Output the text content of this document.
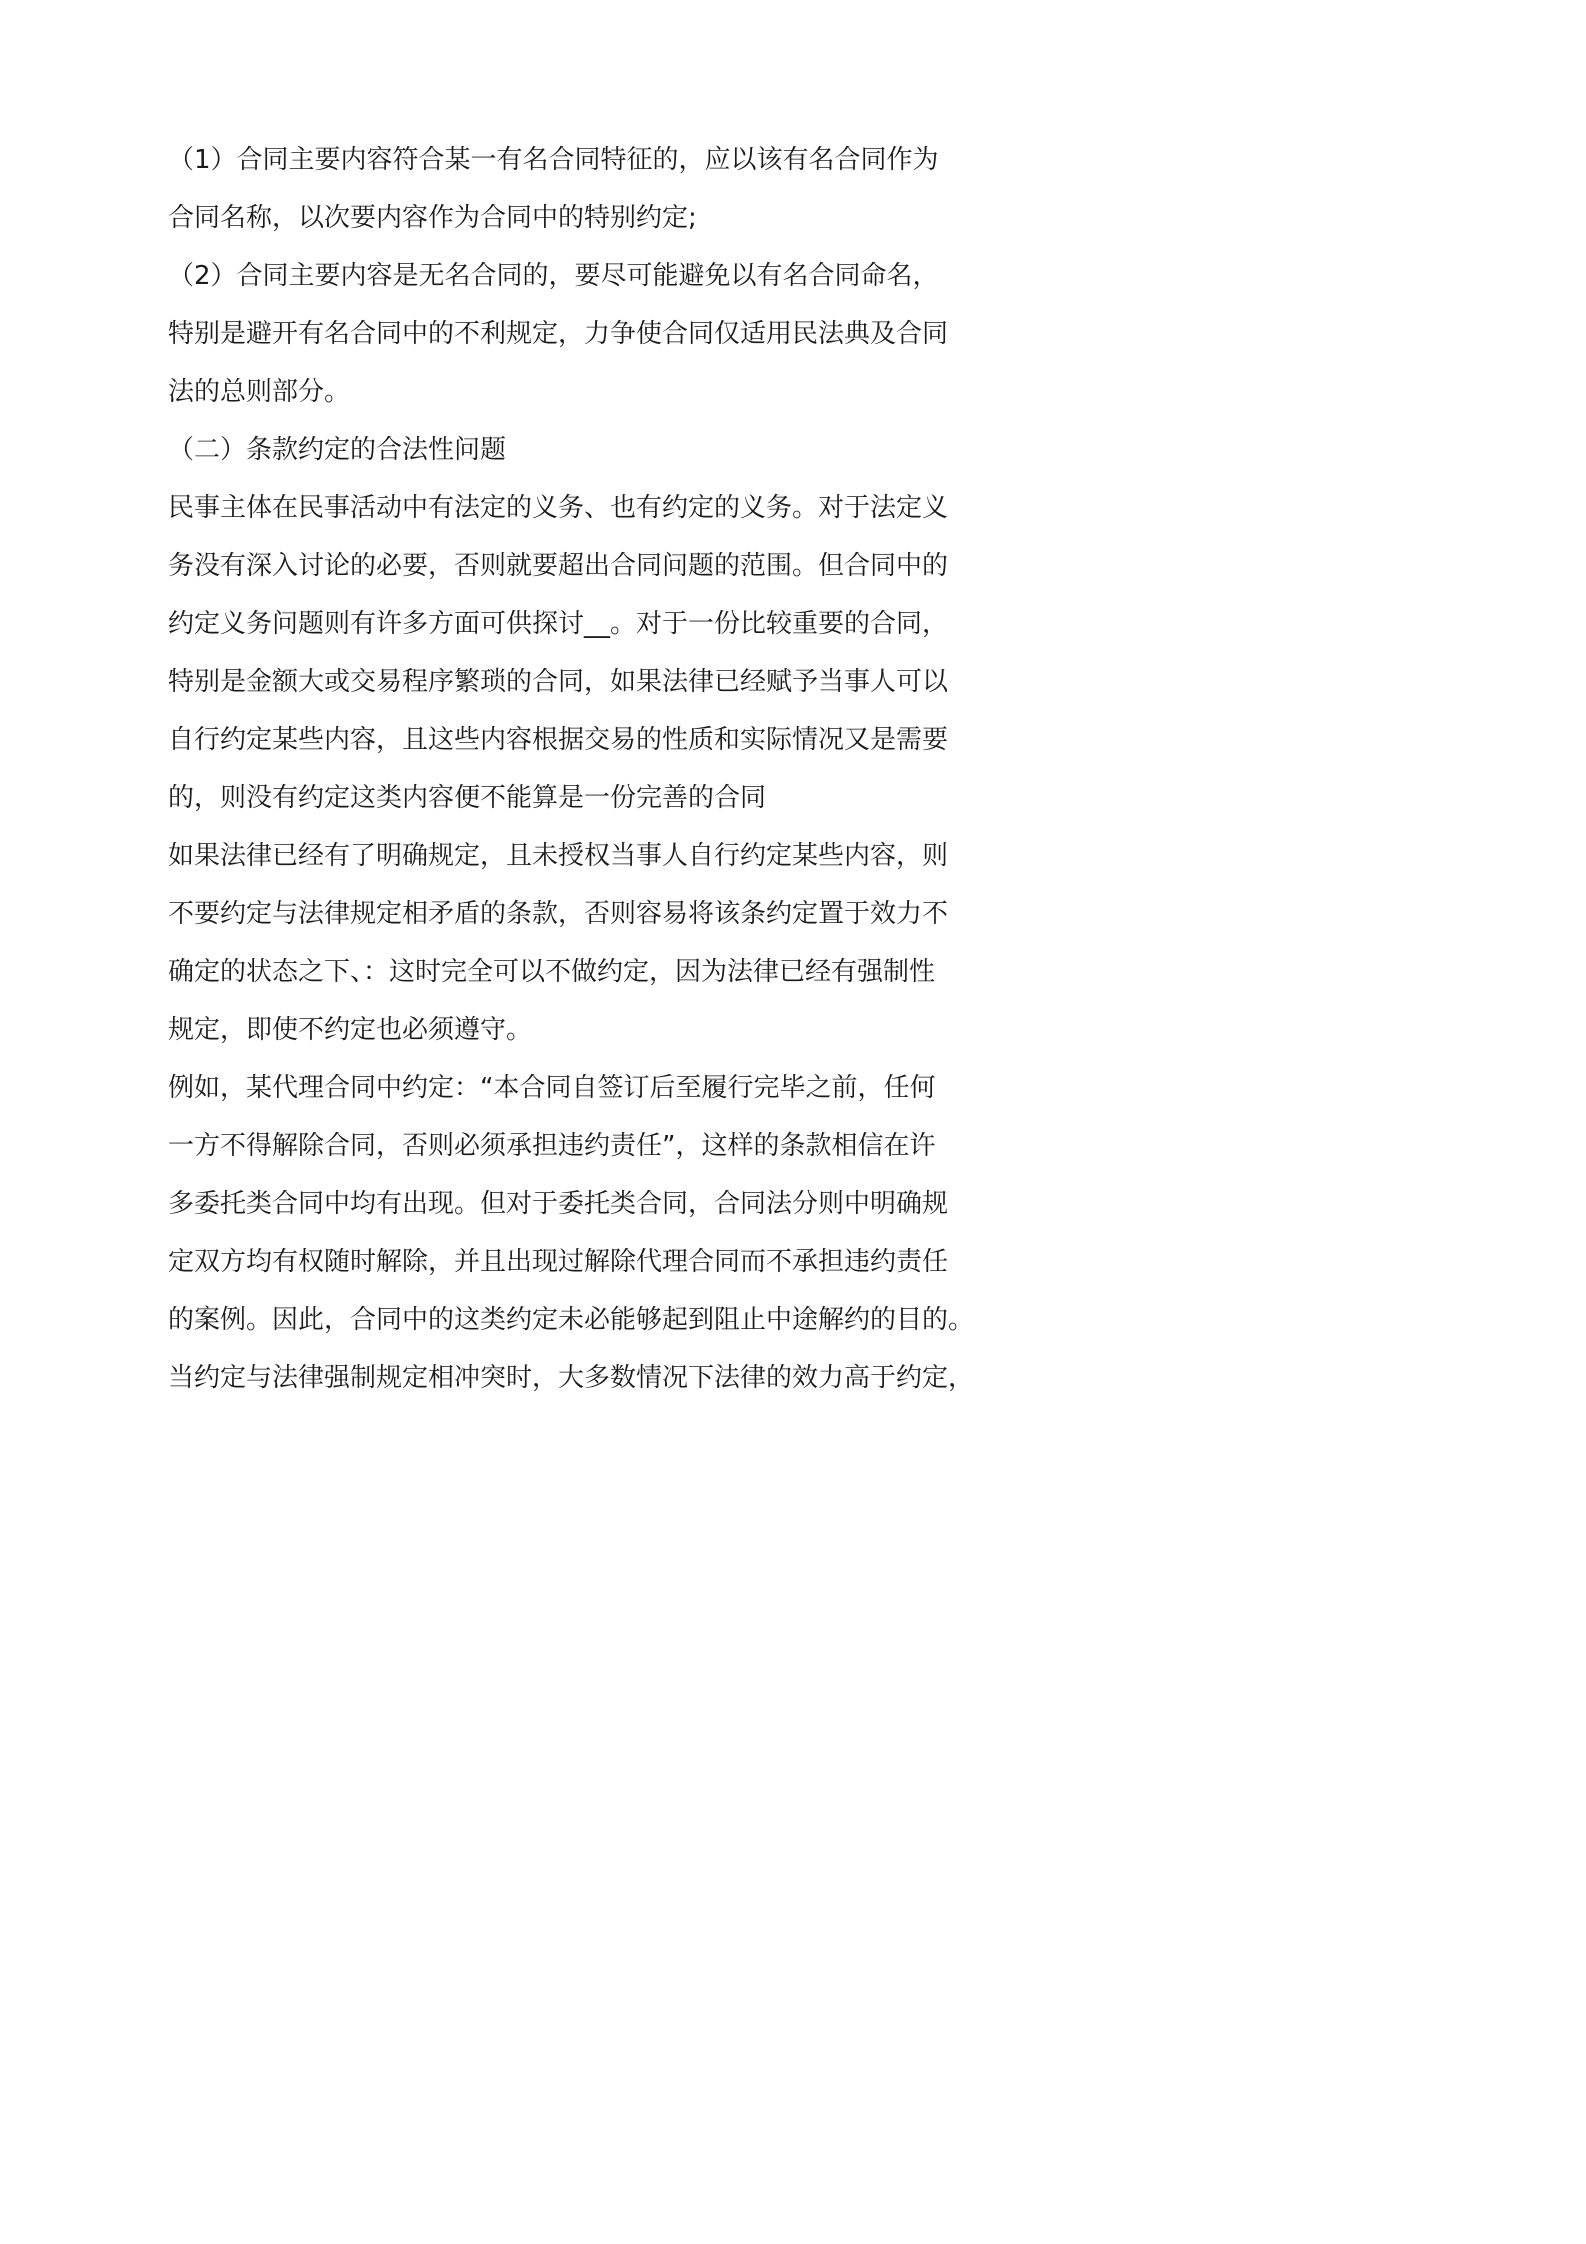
（1）合同主要内容符合某一有名合同特征的，应以该有名合同作为
合同名称，以次要内容作为合同中的特别约定;
（2）合同主要内容是无名合同的，要尽可能避免以有名合同命名，
特别是避开有名合同中的不利规定，力争使合同仅适用民法典及合同
法的总则部分。
（二）条款约定的合法性问题
民事主体在民事活动中有法定的义务、也有约定的义务。对于法定义
务没有深入讨论的必要，否则就要超出合同问题的范围。但合同中的
约定义务问题则有许多方面可供探讨__。对于一份比较重要的合同，
特别是金额大或交易程序繁琐的合同，如果法律已经赋予当事人可以
自行约定某些内容，且这些内容根据交易的性质和实际情况又是需要
的，则没有约定这类内容便不能算是一份完善的合同
如果法律已经有了明确规定，且未授权当事人自行约定某些内容，则
不要约定与法律规定相矛盾的条款，否则容易将该条约定置于效力不
确定的状态之下、：这时完全可以不做约定，因为法律已经有强制性
规定，即使不约定也必须遵守。
例如，某代理合同中约定：“本合同自签订后至履行完毕之前，任何
一方不得解除合同，否则必须承担违约责任”，这样的条款相信在许
多委托类合同中均有出现。但对于委托类合同，合同法分则中明确规
定双方均有权随时解除，并且出现过解除代理合同而不承担违约责任
的案例。因此，合同中的这类约定未必能够起到阻止中途解约的目的。
当约定与法律强制规定相冲突时，大多数情况下法律的效力高于约定，
